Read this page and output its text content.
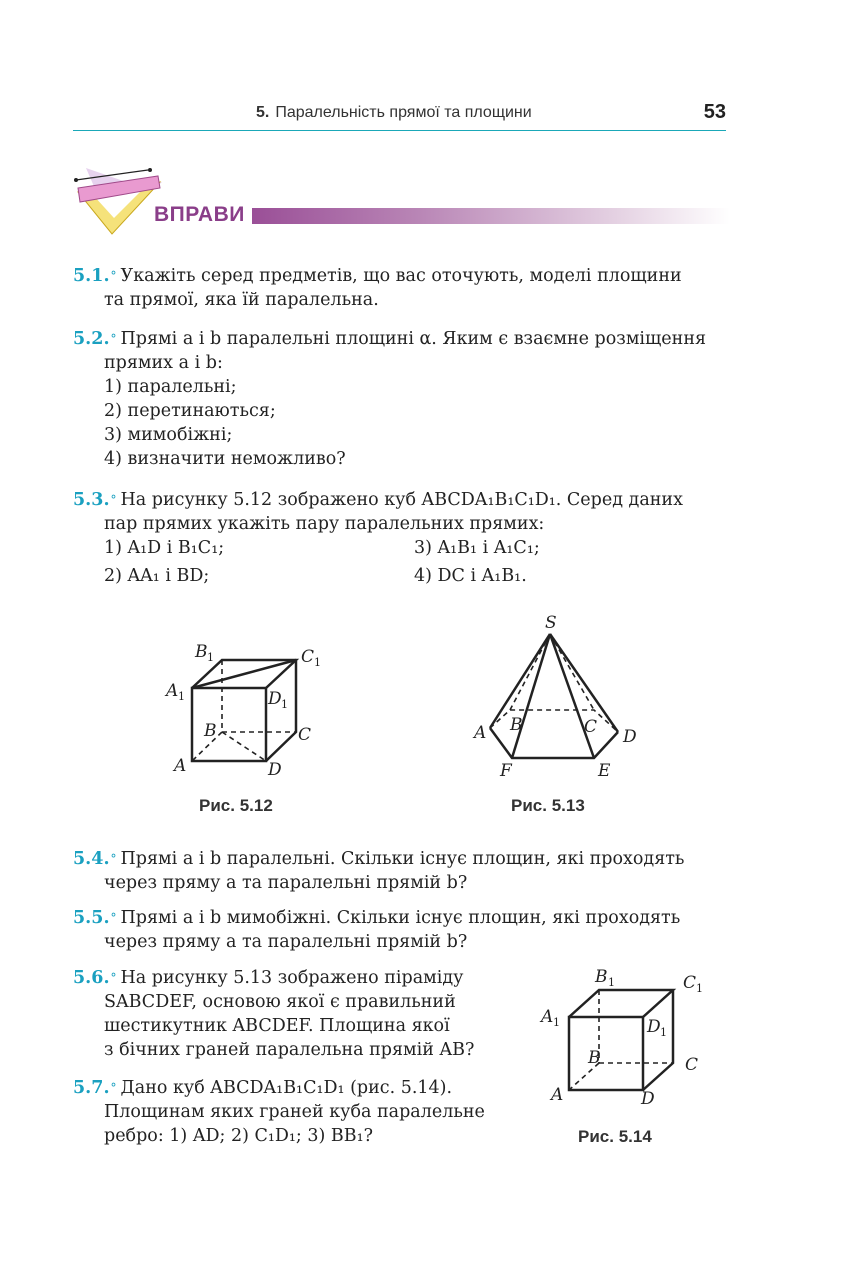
5. Паралельність прямої та площини	53
ВПРАВИ
5.1.° Укажіть серед предметів, що вас оточують, моделі площини
та прямої, яка їй паралельна.
5.2.° Прямі a і b паралельні площині α. Яким є взаємне розміщення
прямих a і b:
1) паралельні;
2) перетинаються;
3) мимобіжні;
4) визначити неможливо?
5.3.° На рисунку 5.12 зображено куб ABCDA₁B₁C₁D₁. Серед даних
пар прямих укажіть пару паралельних прямих:
1) A₁D і B₁C₁;	3) A₁B₁ і A₁C₁;
2) AA₁ і BD;	4) DC і A₁B₁.
B 1	C 1
A 1	D 1
B	C
A	D
Рис. 5.12
S
A B	C D
F	E
Рис. 5.13
5.4.° Прямі a і b паралельні. Скільки існує площин, які проходять
через пряму a та паралельні прямій b?
5.5.° Прямі a і b мимобіжні. Скільки існує площин, які проходять
через пряму a та паралельні прямій b?
5.6.° На рисунку 5.13 зображено піраміду
SABCDEF, основою якої є правильний
шестикутник ABCDEF. Площина якої
з бічних граней паралельна прямій AB?
5.7.° Дано куб ABCDA₁B₁C₁D₁ (рис. 5.14).
Площинам яких граней куба паралельне
ребро: 1) AD; 2) C₁D₁; 3) BB₁?
B 1	C 1
A 1	D 1
B	C
A	D
Рис. 5.14
